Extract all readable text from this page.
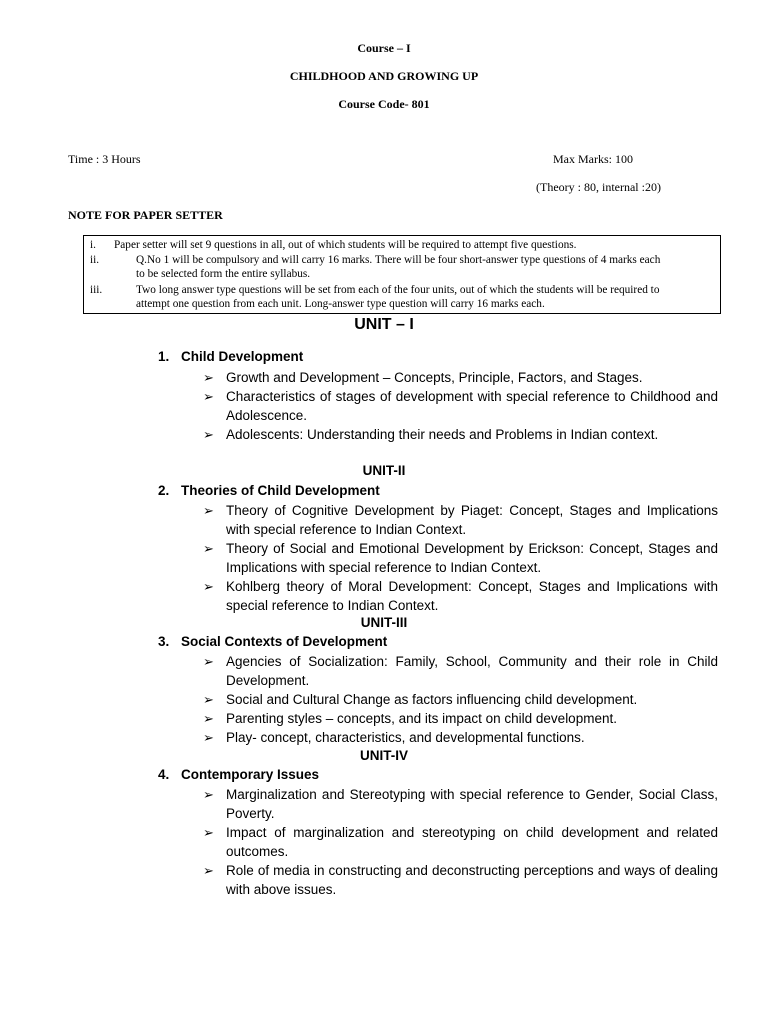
Course – I
CHILDHOOD AND GROWING UP
Course Code- 801
Time : 3 Hours	Max Marks: 100
(Theory : 80, internal :20)
NOTE FOR PAPER SETTER
i. Paper setter will set 9 questions in all, out of which students will be required to attempt five questions.
ii.	Q.No 1 will be compulsory and will carry 16 marks. There will be four short-answer type questions of 4 marks each
to be selected form the entire syllabus.
iii.	Two long answer type questions will be set from each of the four units, out of which the students will be required to
attempt one question from each unit. Long-answer type question will carry 16 marks each.
UNIT – I
1. Child Development
➢ Growth and Development – Concepts, Principle, Factors, and Stages.
➢ Characteristics of stages of development with special reference to Childhood and Adolescence.
➢ Adolescents: Understanding their needs and Problems in Indian context.
UNIT-II
2. Theories of Child Development
➢ Theory of Cognitive Development by Piaget: Concept, Stages and Implications with special reference to Indian Context.
➢ Theory of Social and Emotional Development by Erickson: Concept, Stages and Implications with special reference to Indian Context.
➢ Kohlberg theory of Moral Development: Concept, Stages and Implications with special reference to Indian Context.
UNIT-III
3. Social Contexts of Development
➢ Agencies of Socialization: Family, School, Community and their role in Child Development.
➢ Social and Cultural Change as factors influencing child development.
➢ Parenting styles – concepts, and its impact on child development.
➢ Play- concept, characteristics, and developmental functions.
UNIT-IV
4. Contemporary Issues
➢ Marginalization and Stereotyping with special reference to Gender, Social Class, Poverty.
➢ Impact of marginalization and stereotyping on child development and related outcomes.
➢ Role of media in constructing and deconstructing perceptions and ways of dealing with above issues.
